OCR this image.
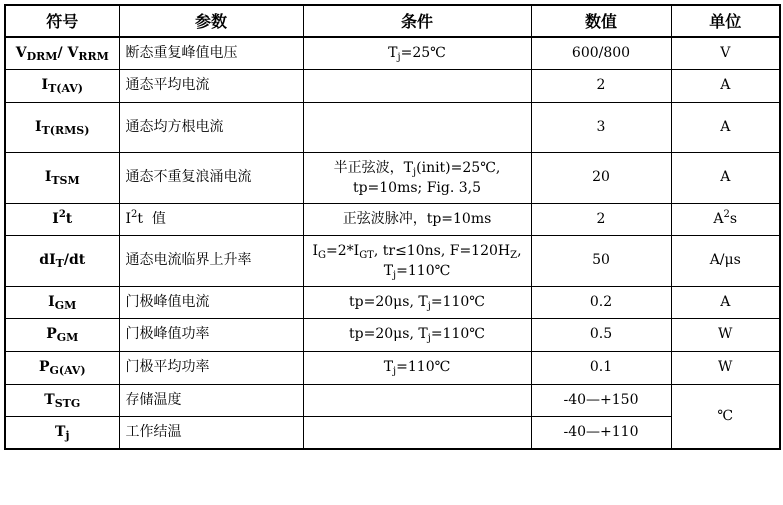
符号	参数	条件	数值	单位
$V_{DRM}/$ $V_{RRM}$	断态重复峰值电压	$T_j=25℃$	600/800	V
$I_{T(AV)}$	通态平均电流		2	A
$I_{T(RMS)}$	通态均方根电流		3	A
$I_{TSM}$	通态不重复浪涌电流	半正弦波，$T_j(init)=25℃$,
tp=10ms; Fig. 3,5	20	A
$I^2t$	$I^2t$  值	正弦波脉冲，tp=10ms	2	$A^2s$
$dI_T/dt$	通态电流临界上升率	$I_G=2*I_{GT}$, tr≤10ns, $F=120H_Z$,
$T_j=110℃$	50	A/μs
$I_{GM}$	门极峰值电流	tp=20μs, $T_j=110℃$	0.2	A
$P_{GM}$	门极峰值功率	tp=20μs, $T_j=110℃$	0.5	W
$P_{G(AV)}$	门极平均功率	$T_j=110℃$	0.1	W
$T_{STG}$	存储温度		-40—+150	℃
$T_j$	工作结温		-40—+110	
